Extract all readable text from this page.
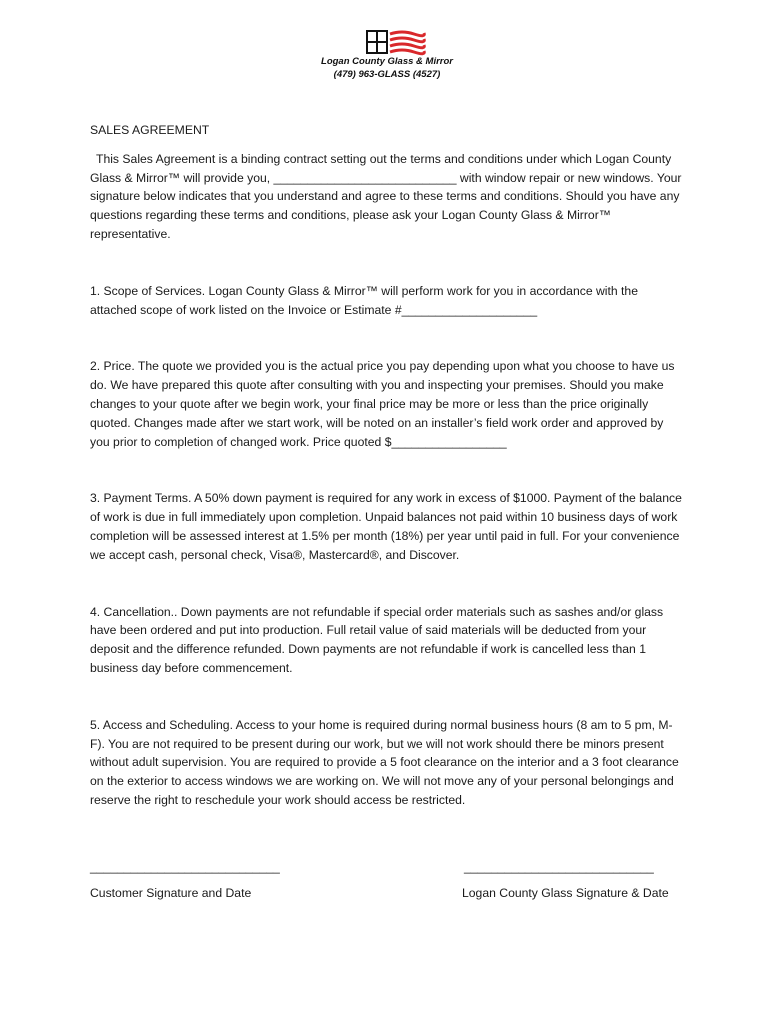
Logan County Glass & Mirror
(479) 963-GLASS (4527)
SALES AGREEMENT

This Sales Agreement is a binding contract setting out the terms and conditions under which Logan County Glass & Mirror™ will provide you, ___________________________ with window repair or new windows. Your signature below indicates that you understand and agree to these terms and conditions. Should you have any questions regarding these terms and conditions, please ask your Logan County Glass & Mirror™ representative.

1. Scope of Services. Logan County Glass & Mirror™ will perform work for you in accordance with the attached scope of work listed on the Invoice or Estimate #____________________

2. Price. The quote we provided you is the actual price you pay depending upon what you choose to have us do. We have prepared this quote after consulting with you and inspecting your premises. Should you make changes to your quote after we begin work, your final price may be more or less than the price originally quoted. Changes made after we start work, will be noted on an installer’s field work order and approved by you prior to completion of changed work. Price quoted $_________________

3. Payment Terms. A 50% down payment is required for any work in excess of $1000. Payment of the balance of work is due in full immediately upon completion. Unpaid balances not paid within 10 business days of work completion will be assessed interest at 1.5% per month (18%) per year until paid in full. For your convenience we accept cash, personal check, Visa®, Mastercard®, and Discover.

4. Cancellation.. Down payments are not refundable if special order materials such as sashes and/or glass have been ordered and put into production. Full retail value of said materials will be deducted from your deposit and the difference refunded. Down payments are not refundable if work is cancelled less than 1 business day before commencement.

5. Access and Scheduling. Access to your home is required during normal business hours (8 am to 5 pm, M-F). You are not required to be present during our work, but we will not work should there be minors present without adult supervision. You are required to provide a 5 foot clearance on the interior and a 3 foot clearance on the exterior to access windows we are working on. We will not move any of your personal belongings and reserve the right to reschedule your work should access be restricted.

____________________________	____________________________
Customer Signature and Date	Logan County Glass Signature & Date
